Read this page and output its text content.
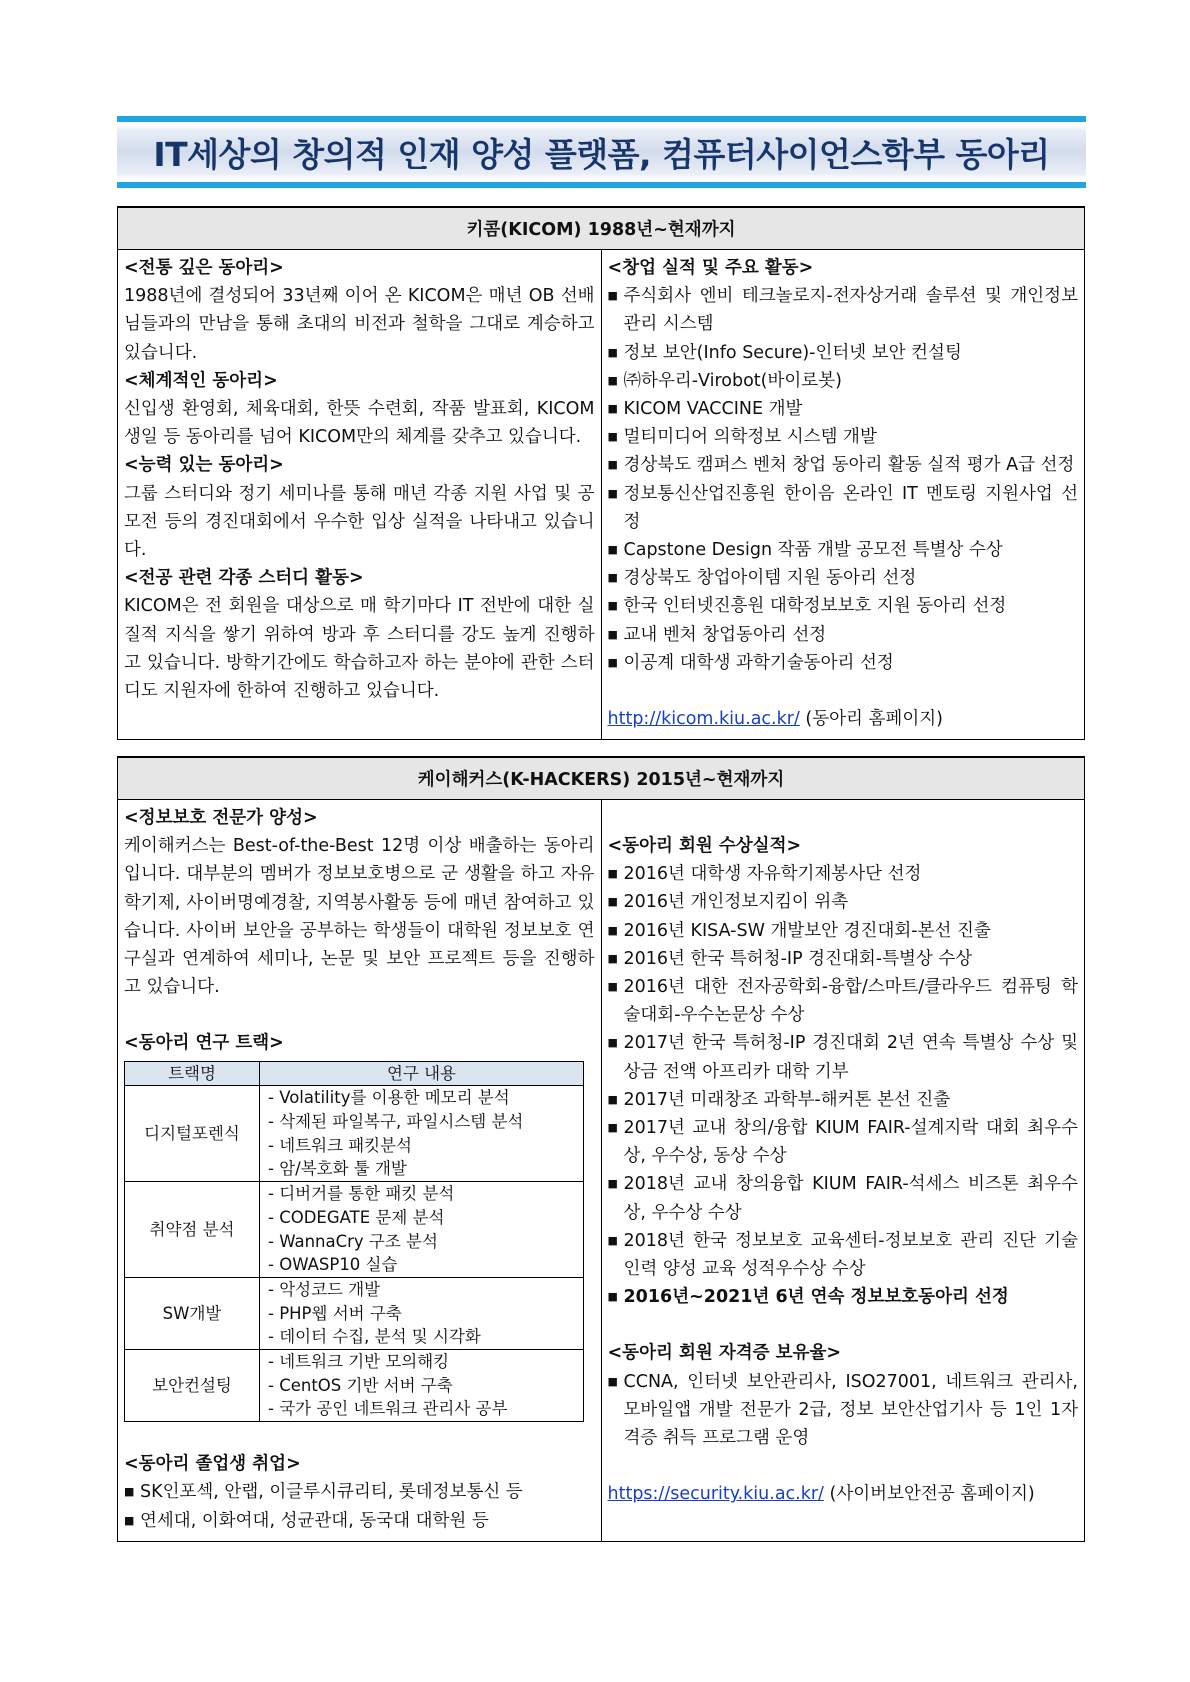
IT세상의 창의적 인재 양성 플랫폼, 컴퓨터사이언스학부 동아리
키콤(KICOM) 1988년~현재까지

<전통 깊은 동아리>
1988년에 결성되어 33년째 이어 온 KICOM은 매년 OB 선배님들과의 만남을 통해 초대의 비전과 철학을 그대로 계승하고 있습니다.
<체계적인 동아리>
신입생 환영회, 체육대회, 한뜻 수련회, 작품 발표회, KICOM 생일 등 동아리를 넘어 KICOM만의 체계를 갖추고 있습니다.
<능력 있는 동아리>
그룹 스터디와 정기 세미나를 통해 매년 각종 지원 사업 및 공모전 등의 경진대회에서 우수한 입상 실적을 나타내고 있습니다.
<전공 관련 각종 스터디 활동>
KICOM은 전 회원을 대상으로 매 학기마다 IT 전반에 대한 실질적 지식을 쌓기 위하여 방과 후 스터디를 강도 높게 진행하고 있습니다. 방학기간에도 학습하고자 하는 분야에 관한 스터디도 지원자에 한하여 진행하고 있습니다.

<창업 실적 및 주요 활동>
■ 주식회사 엔비 테크놀로지-전자상거래 솔루션 및 개인정보 관리 시스템
■ 정보 보안(Info Secure)-인터넷 보안 컨설팅
■ ㈜하우리-Virobot(바이로봇)
■ KICOM VACCINE 개발
■ 멀티미디어 의학정보 시스템 개발
■ 경상북도 캠퍼스 벤처 창업 동아리 활동 실적 평가 A급 선정
■ 정보통신산업진흥원 한이음 온라인 IT 멘토링 지원사업 선정
■ Capstone Design 작품 개발 공모전 특별상 수상
■ 경상북도 창업아이템 지원 동아리 선정
■ 한국 인터넷진흥원 대학정보보호 지원 동아리 선정
■ 교내 벤처 창업동아리 선정
■ 이공계 대학생 과학기술동아리 선정
http://kicom.kiu.ac.kr/ (동아리 홈페이지)
케이해커스(K-HACKERS) 2015년~현재까지

<정보보호 전문가 양성>
케이해커스는 Best-of-the-Best 12명 이상 배출하는 동아리입니다. 대부분의 멤버가 정보보호병으로 군 생활을 하고 자유학기제, 사이버명예경찰, 지역봉사활동 등에 매년 참여하고 있습니다. 사이버 보안을 공부하는 학생들이 대학원 정보보호 연구실과 연계하여 세미나, 논문 및 보안 프로젝트 등을 진행하고 있습니다.
<동아리 연구 트랙>
트랙명	연구 내용
디지털포렌식	
- Volatility를 이용한 메모리 분석
- 삭제된 파일복구, 파일시스템 분석
- 네트워크 패킷분석
- 암/복호화 툴 개발

취약점 분석	
- 디버거를 통한 패킷 분석
- CODEGATE 문제 분석
- WannaCry 구조 분석
- OWASP10 실습

SW개발	
- 악성코드 개발
- PHP웹 서버 구축
- 데이터 수집, 분석 및 시각화

보안컨설팅	
- 네트워크 기반 모의해킹
- CentOS 기반 서버 구축
- 국가 공인 네트워크 관리사 공부
<동아리 졸업생 취업>
■ SK인포섹, 안랩, 이글루시큐리티, 롯데정보통신 등
■ 연세대, 이화여대, 성균관대, 동국대 대학원 등

<동아리 회원 수상실적>
■ 2016년 대학생 자유학기제봉사단 선정
■ 2016년 개인정보지킴이 위촉
■ 2016년 KISA-SW 개발보안 경진대회-본선 진출
■ 2016년 한국 특허청-IP 경진대회-특별상 수상
■ 2016년 대한 전자공학회-융합/스마트/클라우드 컴퓨팅 학술대회-우수논문상 수상
■ 2017년 한국 특허청-IP 경진대회 2년 연속 특별상 수상 및 상금 전액 아프리카 대학 기부
■ 2017년 미래창조 과학부-해커톤 본선 진출
■ 2017년 교내 창의/융합 KIUM FAIR-설계지락 대회 최우수상, 우수상, 동상 수상
■ 2018년 교내 창의융합 KIUM FAIR-석세스 비즈톤 최우수상, 우수상 수상
■ 2018년 한국 정보보호 교육센터-정보보호 관리 진단 기술인력 양성 교육 성적우수상 수상
■ 2016년~2021년 6년 연속 정보보호동아리 선정
<동아리 회원 자격증 보유율>
■ CCNA, 인터넷 보안관리사, ISO27001, 네트워크 관리사, 모바일앱 개발 전문가 2급, 정보 보안산업기사 등 1인 1자격증 취득 프로그램 운영
https://security.kiu.ac.kr/ (사이버보안전공 홈페이지)
